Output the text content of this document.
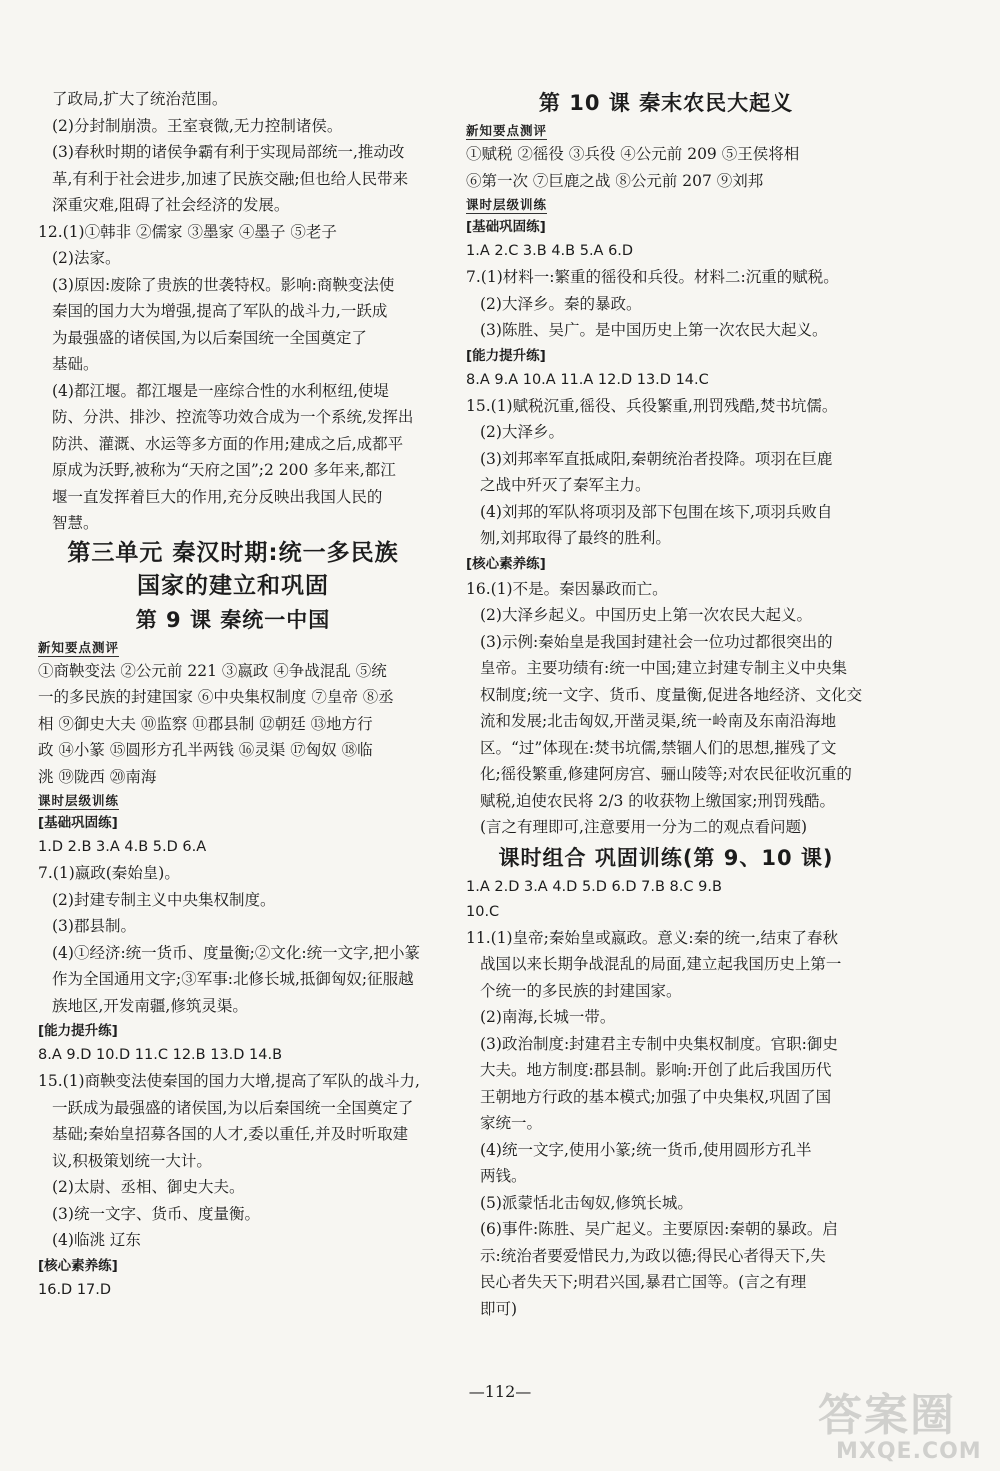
了政局,扩大了统治范围。
(2)分封制崩溃。王室衰微,无力控制诸侯。
(3)春秋时期的诸侯争霸有利于实现局部统一,推动改
革,有利于社会进步,加速了民族交融;但也给人民带来
深重灾难,阻碍了社会经济的发展。
12.(1)①韩非 ②儒家 ③墨家 ④墨子 ⑤老子
(2)法家。
(3)原因:废除了贵族的世袭特权。影响:商鞅变法使
秦国的国力大为增强,提高了军队的战斗力,一跃成
为最强盛的诸侯国,为以后秦国统一全国奠定了
基础。
(4)都江堰。都江堰是一座综合性的水利枢纽,使堤
防、分洪、排沙、控流等功效合成为一个系统,发挥出
防洪、灌溉、水运等多方面的作用;建成之后,成都平
原成为沃野,被称为“天府之国”;2 200 多年来,都江
堰一直发挥着巨大的作用,充分反映出我国人民的
智慧。
第三单元 秦汉时期:统一多民族
国家的建立和巩固
第 9 课 秦统一中国
新知要点测评
①商鞅变法 ②公元前 221 ③嬴政 ④争战混乱 ⑤统
一的多民族的封建国家 ⑥中央集权制度 ⑦皇帝 ⑧丞
相 ⑨御史大夫 ⑩监察 ⑪郡县制 ⑫朝廷 ⑬地方行
政 ⑭小篆 ⑮圆形方孔半两钱 ⑯灵渠 ⑰匈奴 ⑱临
洮 ⑲陇西 ⑳南海
课时层级训练
[基础巩固练]
1.D 2.B 3.A 4.B 5.D 6.A
7.(1)嬴政(秦始皇)。
(2)封建专制主义中央集权制度。
(3)郡县制。
(4)①经济:统一货币、度量衡;②文化:统一文字,把小篆
作为全国通用文字;③军事:北修长城,抵御匈奴;征服越
族地区,开发南疆,修筑灵渠。
[能力提升练]
8.A 9.D 10.D 11.C 12.B 13.D 14.B
15.(1)商鞅变法使秦国的国力大增,提高了军队的战斗力,
一跃成为最强盛的诸侯国,为以后秦国统一全国奠定了
基础;秦始皇招募各国的人才,委以重任,并及时听取建
议,积极策划统一大计。
(2)太尉、丞相、御史大夫。
(3)统一文字、货币、度量衡。
(4)临洮 辽东
[核心素养练]
16.D 17.D
第 10 课 秦末农民大起义
新知要点测评
①赋税 ②徭役 ③兵役 ④公元前 209 ⑤王侯将相
⑥第一次 ⑦巨鹿之战 ⑧公元前 207 ⑨刘邦
课时层级训练
[基础巩固练]
1.A 2.C 3.B 4.B 5.A 6.D
7.(1)材料一:繁重的徭役和兵役。材料二:沉重的赋税。
(2)大泽乡。秦的暴政。
(3)陈胜、吴广。是中国历史上第一次农民大起义。
[能力提升练]
8.A 9.A 10.A 11.A 12.D 13.D 14.C
15.(1)赋税沉重,徭役、兵役繁重,刑罚残酷,焚书坑儒。
(2)大泽乡。
(3)刘邦率军直抵咸阳,秦朝统治者投降。项羽在巨鹿
之战中歼灭了秦军主力。
(4)刘邦的军队将项羽及部下包围在垓下,项羽兵败自
刎,刘邦取得了最终的胜利。
[核心素养练]
16.(1)不是。秦因暴政而亡。
(2)大泽乡起义。中国历史上第一次农民大起义。
(3)示例:秦始皇是我国封建社会一位功过都很突出的
皇帝。主要功绩有:统一中国;建立封建专制主义中央集
权制度;统一文字、货币、度量衡,促进各地经济、文化交
流和发展;北击匈奴,开凿灵渠,统一岭南及东南沿海地
区。“过”体现在:焚书坑儒,禁锢人们的思想,摧残了文
化;徭役繁重,修建阿房宫、骊山陵等;对农民征收沉重的
赋税,迫使农民将 2/3 的收获物上缴国家;刑罚残酷。
(言之有理即可,注意要用一分为二的观点看问题)
课时组合 巩固训练(第 9、10 课)
1.A 2.D 3.A 4.D 5.D 6.D 7.B 8.C 9.B
10.C
11.(1)皇帝;秦始皇或嬴政。意义:秦的统一,结束了春秋
战国以来长期争战混乱的局面,建立起我国历史上第一
个统一的多民族的封建国家。
(2)南海,长城一带。
(3)政治制度:封建君主专制中央集权制度。官职:御史
大夫。地方制度:郡县制。影响:开创了此后我国历代
王朝地方行政的基本模式;加强了中央集权,巩固了国
家统一。
(4)统一文字,使用小篆;统一货币,使用圆形方孔半
两钱。
(5)派蒙恬北击匈奴,修筑长城。
(6)事件:陈胜、吴广起义。主要原因:秦朝的暴政。启
示:统治者要爱惜民力,为政以德;得民心者得天下,失
民心者失天下;明君兴国,暴君亡国等。(言之有理
即可)
—112—	答案圈
MXQE.COM
